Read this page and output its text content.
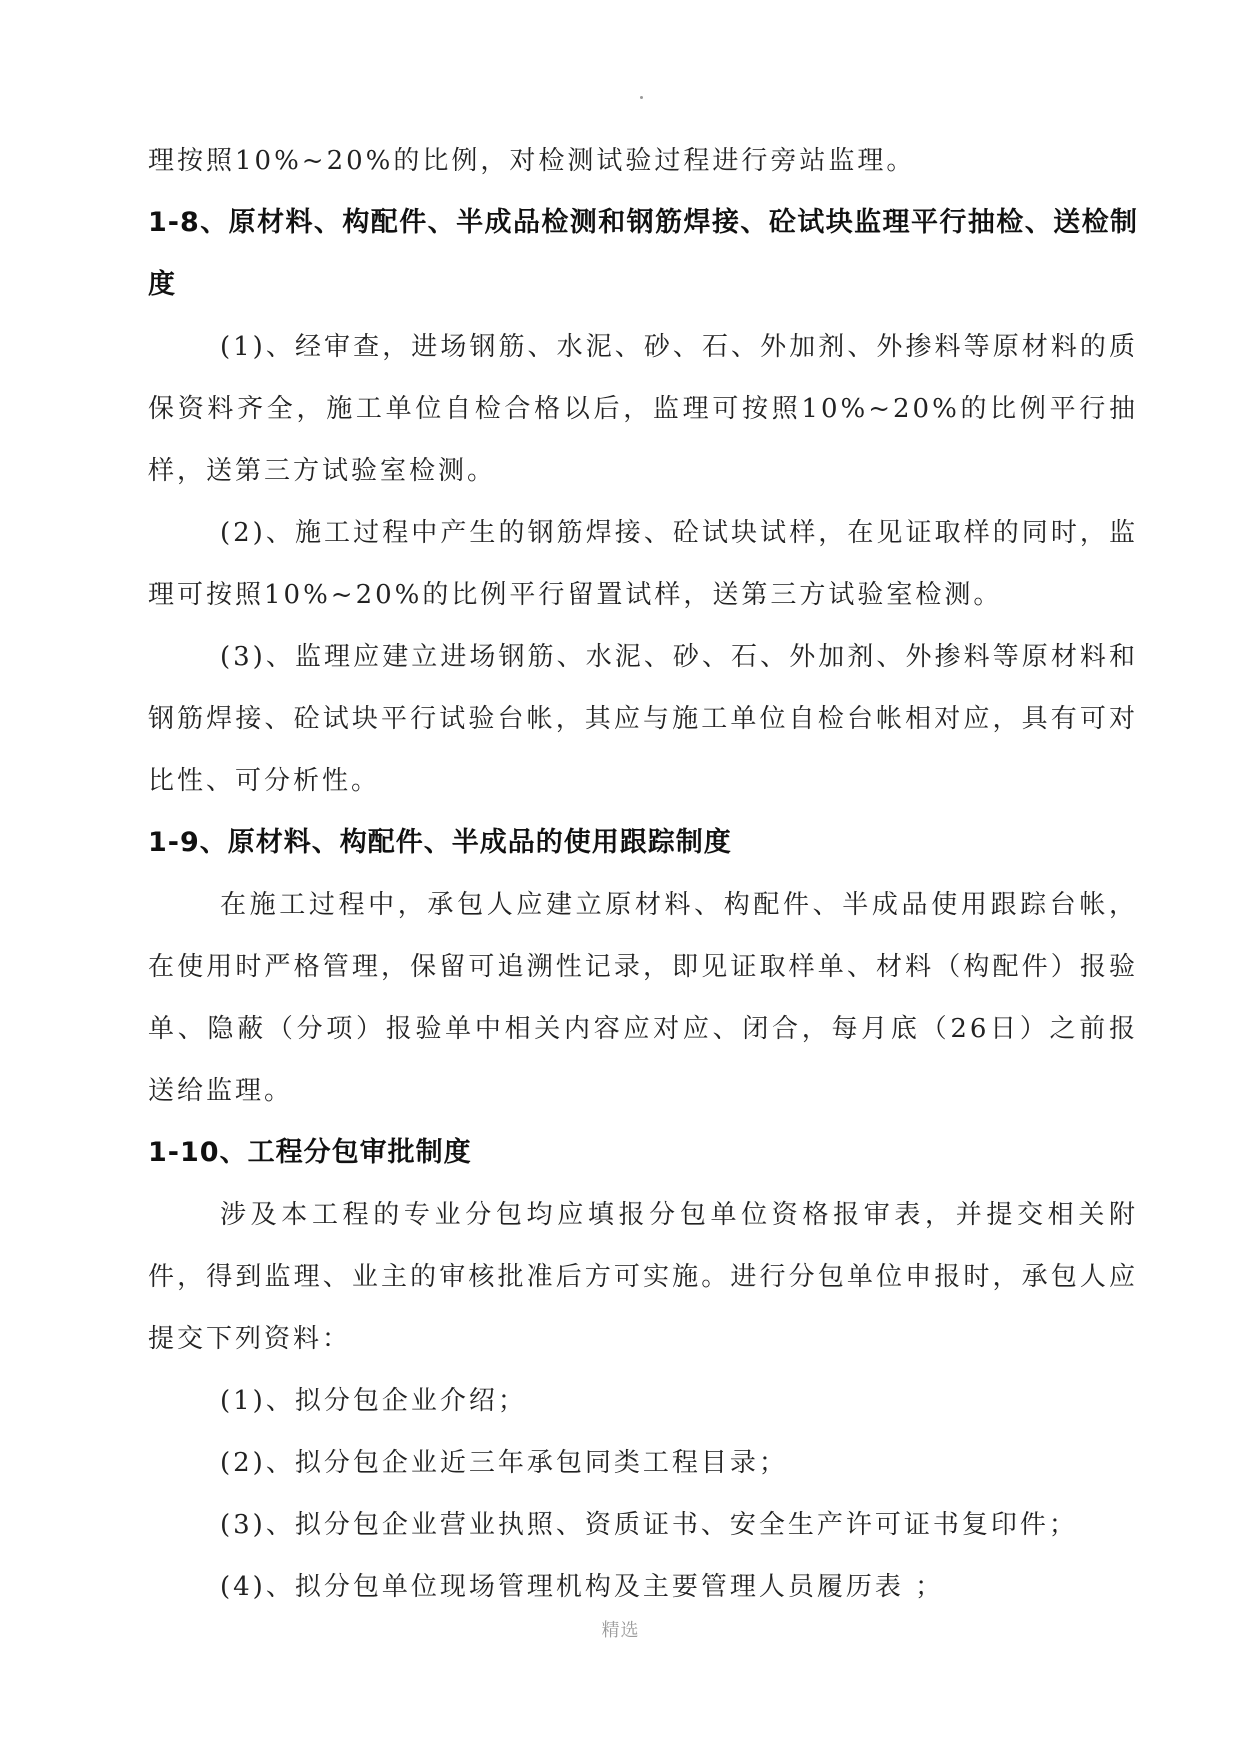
理按照10%~20%的比例，对检测试验过程进行旁站监理。

1-8、原材料、构配件、半成品检测和钢筋焊接、砼试块监理平行抽检、送检制度

(1)、经审查，进场钢筋、水泥、砂、石、外加剂、外掺料等原材料的质保资料齐全，施工单位自检合格以后，监理可按照10%~20%的比例平行抽样，送第三方试验室检测。

(2)、施工过程中产生的钢筋焊接、砼试块试样，在见证取样的同时，监理可按照10%~20%的比例平行留置试样，送第三方试验室检测。

(3)、监理应建立进场钢筋、水泥、砂、石、外加剂、外掺料等原材料和钢筋焊接、砼试块平行试验台帐，其应与施工单位自检台帐相对应，具有可对比性、可分析性。

1-9、原材料、构配件、半成品的使用跟踪制度

在施工过程中，承包人应建立原材料、构配件、半成品使用跟踪台帐，在使用时严格管理，保留可追溯性记录，即见证取样单、材料（构配件）报验单、隐蔽（分项）报验单中相关内容应对应、闭合，每月底（26日）之前报送给监理。

1-10、工程分包审批制度

涉及本工程的专业分包均应填报分包单位资格报审表，并提交相关附件，得到监理、业主的审核批准后方可实施。进行分包单位申报时，承包人应提交下列资料：

(1)、拟分包企业介绍；

(2)、拟分包企业近三年承包同类工程目录；

(3)、拟分包企业营业执照、资质证书、安全生产许可证书复印件；

(4)、拟分包单位现场管理机构及主要管理人员履历表 ；

精选
